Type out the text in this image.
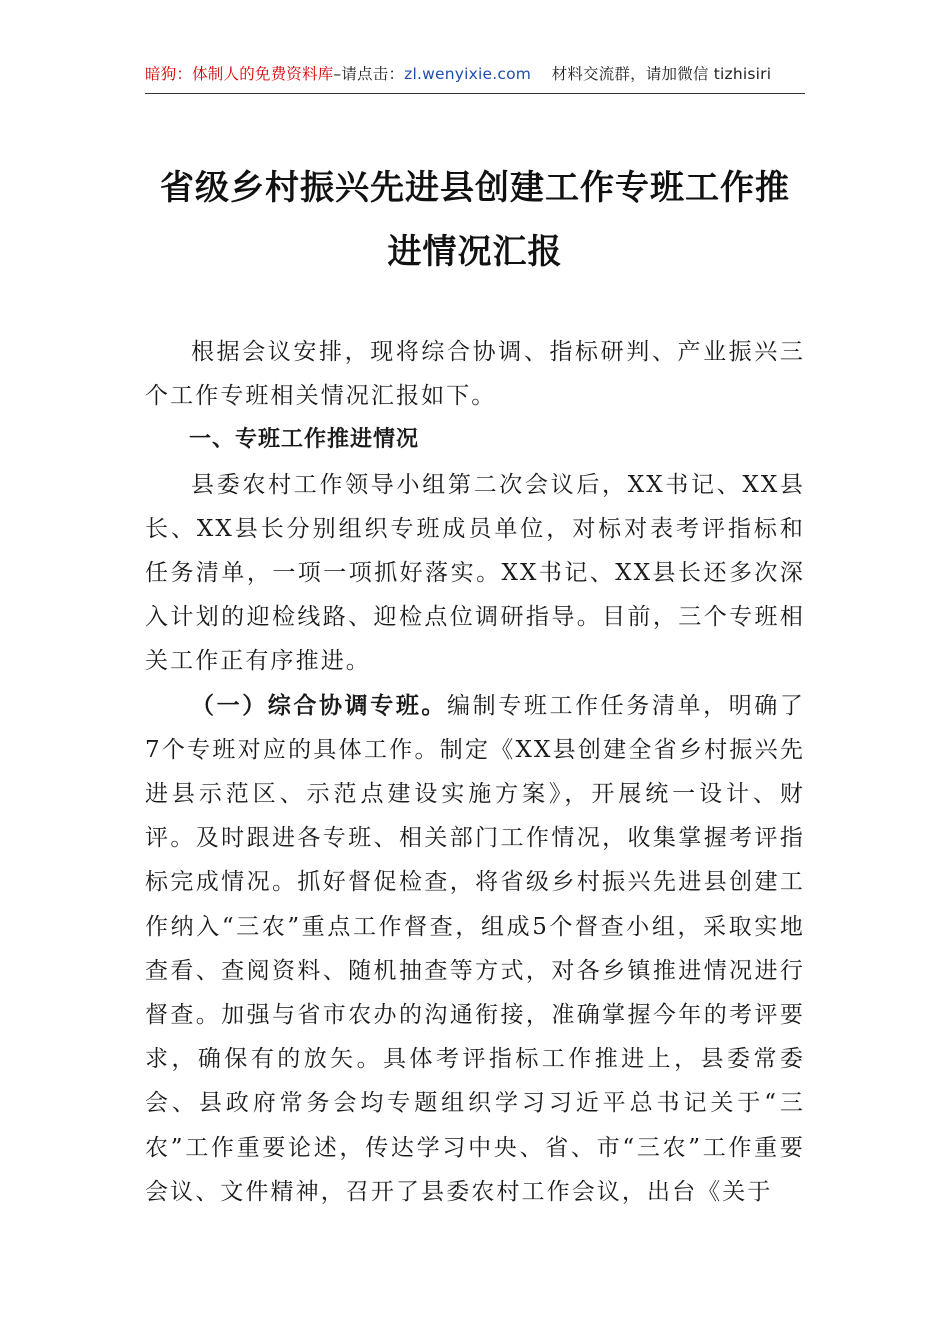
暗狗：体制人的免费资料库–请点击：zl.wenyixie.com 材料交流群，请加微信 tizhisiri
省级乡村振兴先进县创建工作专班工作推
进情况汇报

根据会议安排，现将综合协调、指标研判、产业振兴三个工作专班相关情况汇报如下。

一、专班工作推进情况

县委农村工作领导小组第二次会议后，XX书记、XX县长、XX县长分别组织专班成员单位，对标对表考评指标和任务清单，一项一项抓好落实。XX书记、XX县长还多次深入计划的迎检线路、迎检点位调研指导。目前，三个专班相关工作正有序推进。

（一）综合协调专班。编制专班工作任务清单，明确了7个专班对应的具体工作。制定《XX县创建全省乡村振兴先进县示范区、示范点建设实施方案》，开展统一设计、财评。及时跟进各专班、相关部门工作情况，收集掌握考评指标完成情况。抓好督促检查，将省级乡村振兴先进县创建工作纳入“三农”重点工作督查，组成5个督查小组，采取实地查看、查阅资料、随机抽查等方式，对各乡镇推进情况进行督查。加强与省市农办的沟通衔接，准确掌握今年的考评要求，确保有的放矢。具体考评指标工作推进上，县委常委会、县政府常务会均专题组织学习习近平总书记关于“三农”工作重要论述，传达学习中央、省、市“三农”工作重要会议、文件精神，召开了县委农村工作会议，出台《关于
